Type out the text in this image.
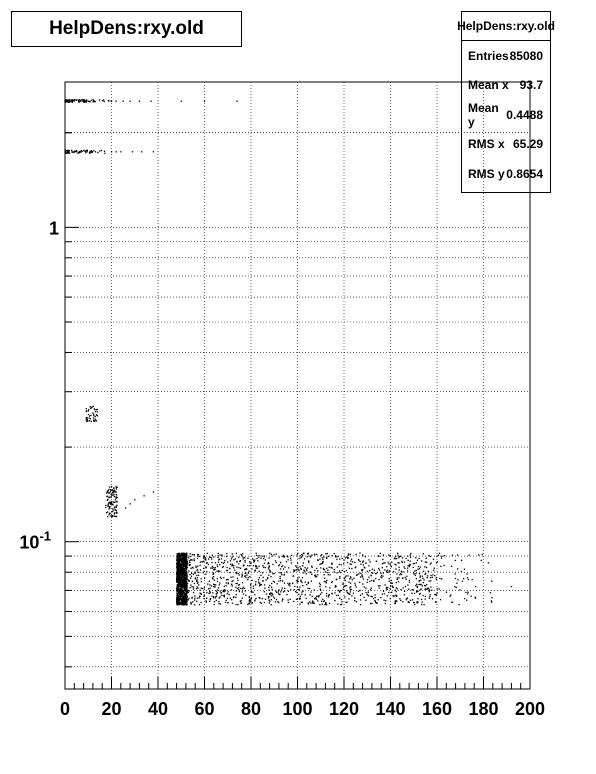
HelpDens:rxy.old	HelpDens:rxy.old
Entries 85080
Mean x 93.7
Mean y	0.4488
RMS x 65.29
RMS y 0.8654
0 20 40 60 80 100 120 140 160 180 200
1
$10^{-1}$
